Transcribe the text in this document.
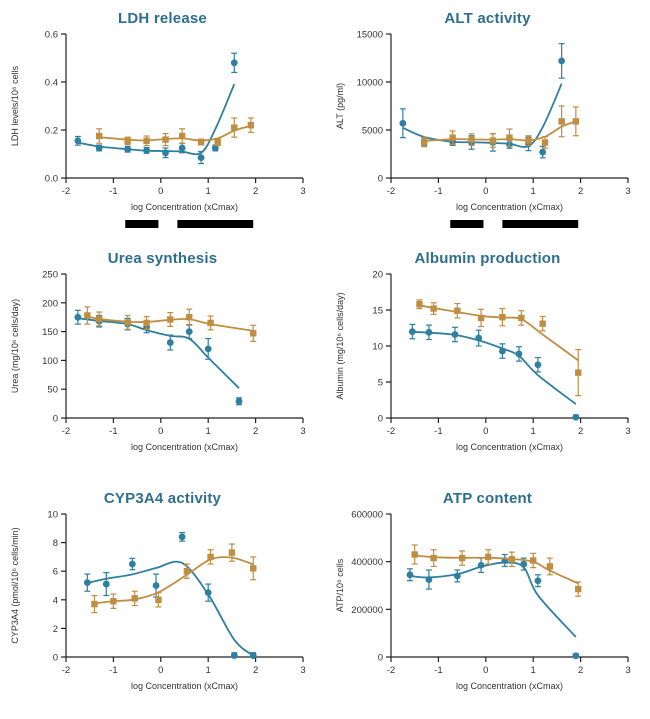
LDH release
-2	-1	0	1	2	3
0.0
0.2
0.4
0.6
log Concentration (xCmax)
LDH levels/10⁶ cells
ALT activity
-2	-1	0	1	2	3
0
5000
10000
15000
log Concentration (xCmax)
ALT (pg/ml)
Urea synthesis
-2	-1	0	1	2	3
0
50
100
150
200
250
log Concentration (xCmax)
Urea (mg/10⁶ cells/day)
Albumin production
-2	-1	0	1	2	3
0
5
10
15
20
log Concentration (xCmax)
Albumin (mg/10⁶ cells/day)
CYP3A4 activity
-2	-1	0	1	2	3
0
2
4
6
8
10
log Concentration (xCmax)
CYP3A4 (pmol/10⁶ cells/min)
ATP content
-2	-1	0	1	2	3
0
200000
400000
600000
log Concentration (xCmax)
ATP/10⁶ cells
